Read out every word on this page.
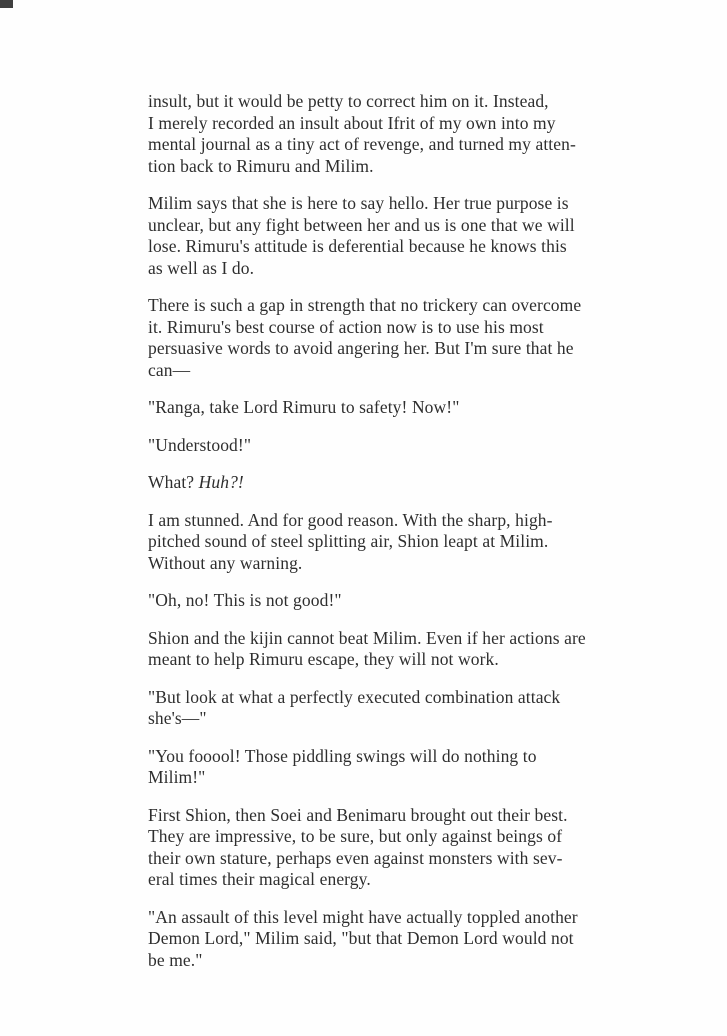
insult, but it would be petty to correct him on it. Instead,
I merely recorded an insult about Ifrit of my own into my
mental journal as a tiny act of revenge, and turned my atten-
tion back to Rimuru and Milim.

Milim says that she is here to say hello. Her true purpose is
unclear, but any fight between her and us is one that we will
lose. Rimuru's attitude is deferential because he knows this
as well as I do.

There is such a gap in strength that no trickery can overcome
it. Rimuru's best course of action now is to use his most
persuasive words to avoid angering her. But I'm sure that he
can—

"Ranga, take Lord Rimuru to safety! Now!"

"Understood!"

What? Huh?!

I am stunned. And for good reason. With the sharp, high-
pitched sound of steel splitting air, Shion leapt at Milim.
Without any warning.

"Oh, no! This is not good!"

Shion and the kijin cannot beat Milim. Even if her actions are
meant to help Rimuru escape, they will not work.

"But look at what a perfectly executed combination attack
she's—"

"You fooool! Those piddling swings will do nothing to
Milim!"

First Shion, then Soei and Benimaru brought out their best.
They are impressive, to be sure, but only against beings of
their own stature, perhaps even against monsters with sev-
eral times their magical energy.

"An assault of this level might have actually toppled another
Demon Lord," Milim said, "but that Demon Lord would not
be me."
